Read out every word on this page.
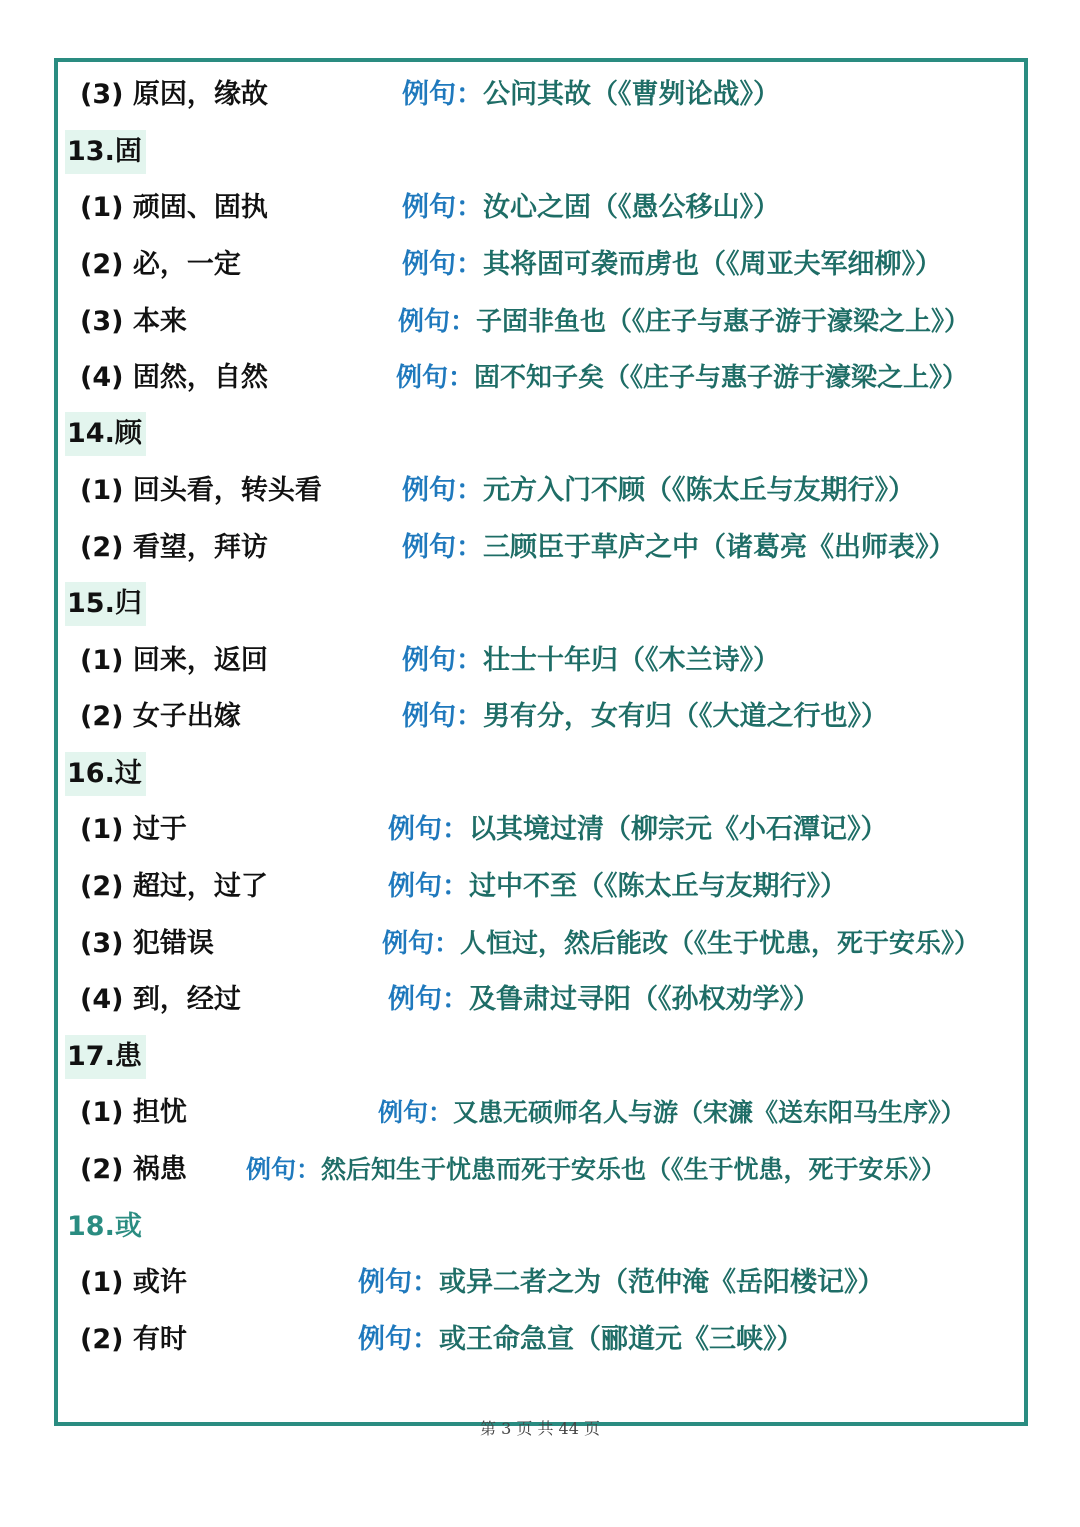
(3) 原因，缘故	例句：公问其故（《曹刿论战》）
13.固
(1) 顽固、固执	例句：汝心之固（《愚公移山》）
(2) 必，一定	例句：其将固可袭而虏也（《周亚夫军细柳》）
(3) 本来	例句：子固非鱼也（《庄子与惠子游于濠梁之上》）
(4) 固然，自然	例句：固不知子矣（《庄子与惠子游于濠梁之上》）
14.顾
(1) 回头看，转头看	例句：元方入门不顾（《陈太丘与友期行》）
(2) 看望，拜访	例句：三顾臣于草庐之中（诸葛亮《出师表》）
15.归
(1) 回来，返回	例句：壮士十年归（《木兰诗》）
(2) 女子出嫁	例句：男有分，女有归（《大道之行也》）
16.过
(1) 过于	例句：以其境过清（柳宗元《小石潭记》）
(2) 超过，过了	例句：过中不至（《陈太丘与友期行》）
(3) 犯错误	例句：人恒过，然后能改（《生于忧患，死于安乐》）
(4) 到，经过	例句：及鲁肃过寻阳（《孙权劝学》）
17.患
(1) 担忧	例句：又患无硕师名人与游（宋濂《送东阳马生序》）
(2) 祸患 例句：然后知生于忧患而死于安乐也（《生于忧患，死于安乐》）
18.或
(1) 或许	例句：或异二者之为（范仲淹《岳阳楼记》）
(2) 有时	例句：或王命急宣（郦道元《三峡》）
第 3 页 共 44 页
